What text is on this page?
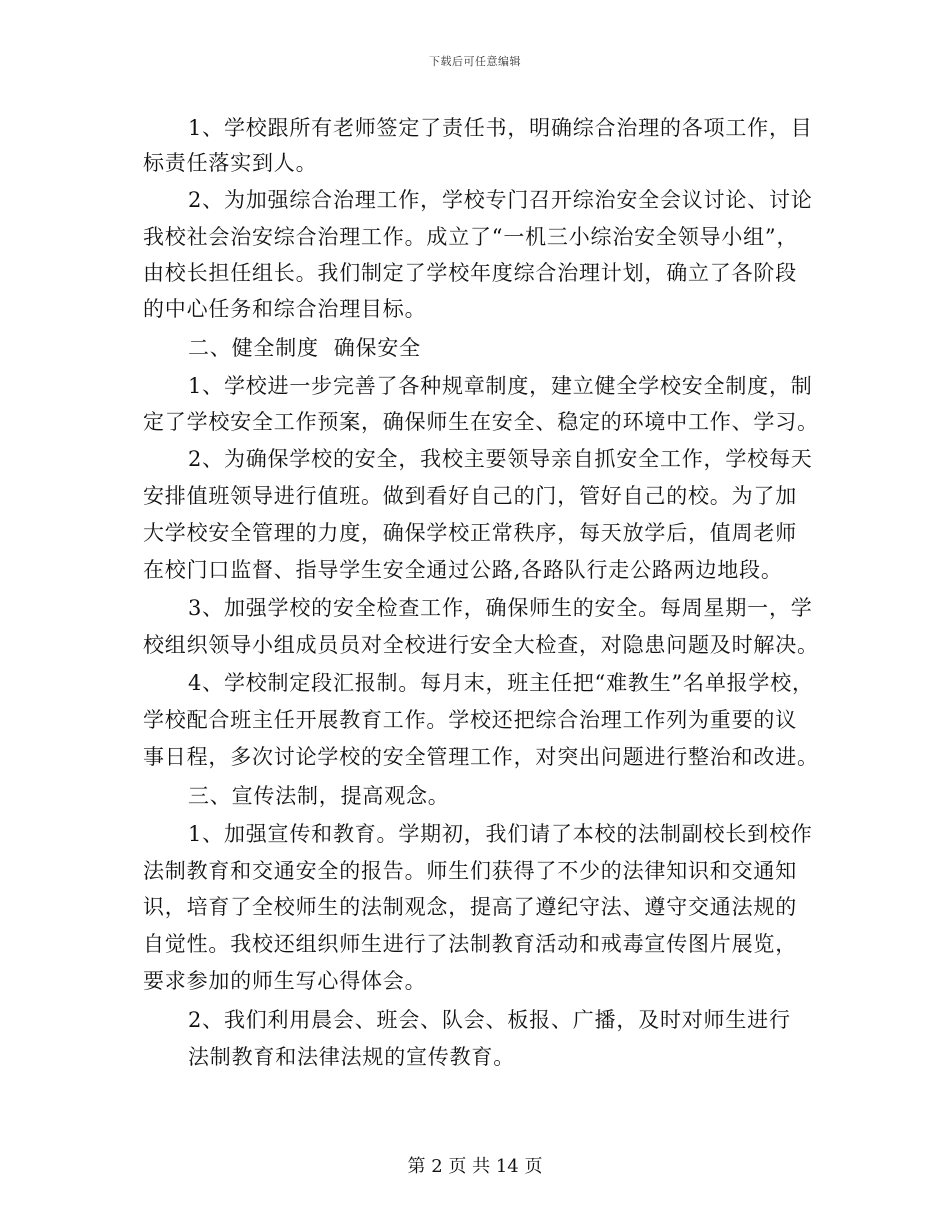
下载后可任意编辑
1、学校跟所有老师签定了责任书，明确综合治理的各项工作，目
标责任落实到人。
2、为加强综合治理工作，学校专门召开综治安全会议讨论、讨论
我校社会治安综合治理工作。成立了“一机三小综治安全领导小组”，
由校长担任组长。我们制定了学校年度综合治理计划，确立了各阶段
的中心任务和综合治理目标。
二、健全制度  确保安全
1、学校进一步完善了各种规章制度，建立健全学校安全制度，制
定了学校安全工作预案，确保师生在安全、稳定的环境中工作、学习。
2、为确保学校的安全，我校主要领导亲自抓安全工作，学校每天
安排值班领导进行值班。做到看好自己的门，管好自己的校。为了加
大学校安全管理的力度，确保学校正常秩序，每天放学后，值周老师
在校门口监督、指导学生安全通过公路,各路队行走公路两边地段。
3、加强学校的安全检查工作，确保师生的安全。每周星期一，学
校组织领导小组成员员对全校进行安全大检查，对隐患问题及时解决。
4、学校制定段汇报制。每月末，班主任把“难教生”名单报学校，
学校配合班主任开展教育工作。学校还把综合治理工作列为重要的议
事日程，多次讨论学校的安全管理工作，对突出问题进行整治和改进。
三、宣传法制，提高观念。
1、加强宣传和教育。学期初，我们请了本校的法制副校长到校作
法制教育和交通安全的报告。师生们获得了不少的法律知识和交通知
识，培育了全校师生的法制观念，提高了遵纪守法、遵守交通法规的
自觉性。我校还组织师生进行了法制教育活动和戒毒宣传图片展览，
要求参加的师生写心得体会。
2、我们利用晨会、班会、队会、板报、广播，及时对师生进行
法制教育和法律法规的宣传教育。
第 2 页 共 14 页
